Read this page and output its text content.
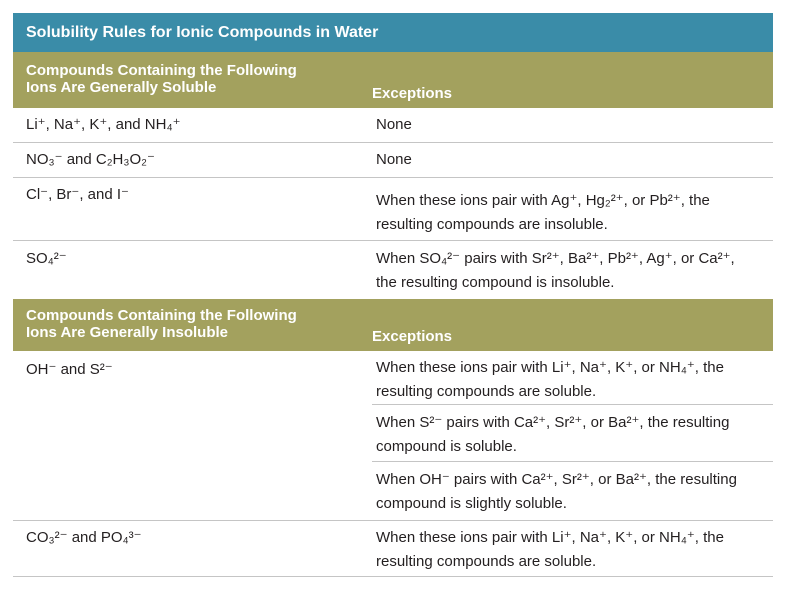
Solubility Rules for Ionic Compounds in Water
Compounds Containing the Following
Ions Are Generally Soluble	Exceptions
Li⁺, Na⁺, K⁺, and NH₄⁺	None
NO₃⁻ and C₂H₃O₂⁻	None
Cl⁻, Br⁻, and I⁻	When these ions pair with Ag⁺, Hg₂²⁺, or Pb²⁺, the resulting compounds are insoluble.
SO₄²⁻	When SO₄²⁻ pairs with Sr²⁺, Ba²⁺, Pb²⁺, Ag⁺, or Ca²⁺, the resulting compound is insoluble.
Compounds Containing the Following
Ions Are Generally Insoluble	Exceptions
OH⁻ and S²⁻	When these ions pair with Li⁺, Na⁺, K⁺, or NH₄⁺, the resulting compounds are soluble.
When S²⁻ pairs with Ca²⁺, Sr²⁺, or Ba²⁺, the resulting compound is soluble.
When OH⁻ pairs with Ca²⁺, Sr²⁺, or Ba²⁺, the resulting compound is slightly soluble.
CO₃²⁻ and PO₄³⁻	When these ions pair with Li⁺, Na⁺, K⁺, or NH₄⁺, the resulting compounds are soluble.
